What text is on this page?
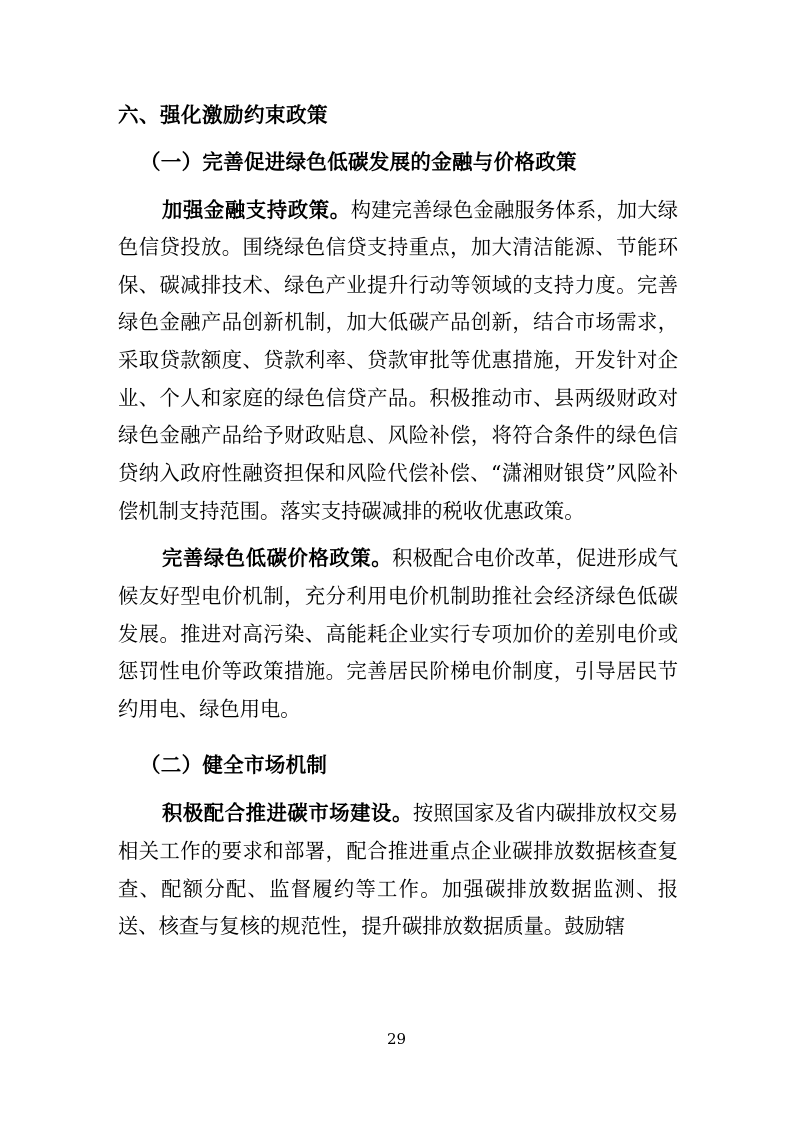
六、强化激励约束政策
（一）完善促进绿色低碳发展的金融与价格政策

加强金融支持政策。构建完善绿色金融服务体系，加大绿色信贷投放。围绕绿色信贷支持重点，加大清洁能源、节能环保、碳减排技术、绿色产业提升行动等领域的支持力度。完善绿色金融产品创新机制，加大低碳产品创新，结合市场需求，采取贷款额度、贷款利率、贷款审批等优惠措施，开发针对企业、个人和家庭的绿色信贷产品。积极推动市、县两级财政对绿色金融产品给予财政贴息、风险补偿，将符合条件的绿色信贷纳入政府性融资担保和风险代偿补偿、“潇湘财银贷”风险补偿机制支持范围。落实支持碳减排的税收优惠政策。

完善绿色低碳价格政策。积极配合电价改革，促进形成气候友好型电价机制，充分利用电价机制助推社会经济绿色低碳发展。推进对高污染、高能耗企业实行专项加价的差别电价或惩罚性电价等政策措施。完善居民阶梯电价制度，引导居民节约用电、绿色用电。

（二）健全市场机制

积极配合推进碳市场建设。按照国家及省内碳排放权交易相关工作的要求和部署，配合推进重点企业碳排放数据核查复查、配额分配、监督履约等工作。加强碳排放数据监测、报送、核查与复核的规范性，提升碳排放数据质量。鼓励辖

29
